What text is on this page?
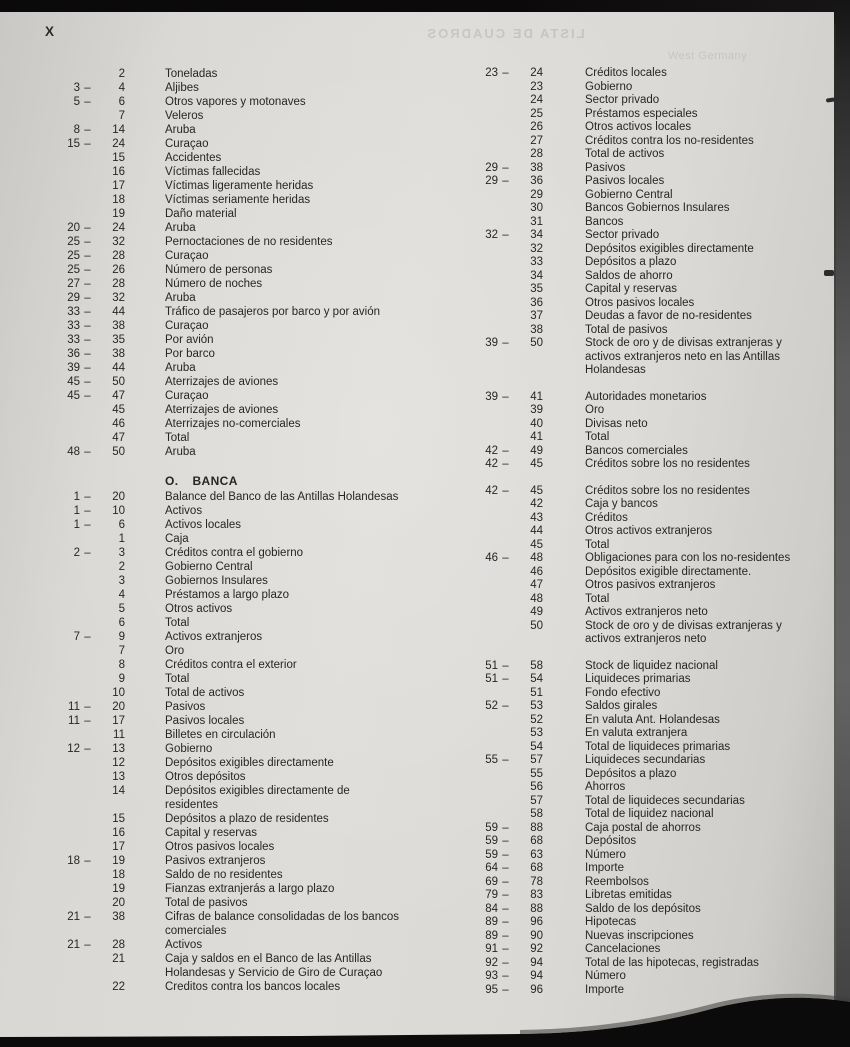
X	LISTA DE CUADROS
West Germany
2	Toneladas
3 –	4	Aljibes
5 –	6	Otros vapores y motonaves
7	Veleros
8 –	14	Aruba
15 –	24	Curaçao
15	Accidentes
16	Víctimas fallecidas
17	Víctimas ligeramente heridas
18	Víctimas seriamente heridas
19	Daño material
20 –	24	Aruba
25 –	32	Pernoctaciones de no residentes
25 –	28	Curaçao
25 –	26	Número de personas
27 –	28	Número de noches
29 –	32	Aruba
33 –	44	Tráfico de pasajeros por barco y por avión
33 –	38	Curaçao
33 –	35	Por avión
36 –	38	Por barco
39 –	44	Aruba
45 –	50	Aterrizajes de aviones
45 –	47	Curaçao
45	Aterrizajes de aviones
46	Aterrizajes no-comerciales
47	Total
48 –	50	Aruba
O. BANCA
1 –	20	Balance del Banco de las Antillas Holandesas
1 –	10	Activos
1 –	6	Activos locales
1	Caja
2 –	3	Créditos contra el gobierno
2	Gobierno Central
3	Gobiernos Insulares
4	Préstamos a largo plazo
5	Otros activos
6	Total
7 –	9	Activos extranjeros
7	Oro
8	Créditos contra el exterior
9	Total
10	Total de activos
11 –	20	Pasivos
11 –	17	Pasivos locales
11	Billetes en circulación
12 –	13	Gobierno
12	Depósitos exigibles directamente
13	Otros depósitos
14	Depósitos exigibles directamente de residentes
15	Depósitos a plazo de residentes
16	Capital y reservas
17	Otros pasivos locales
18 –	19	Pasivos extranjeros
18	Saldo de no residentes
19	Fianzas extranjerás a largo plazo
20	Total de pasivos
21 –	38	Cifras de balance consolidadas de los bancos comerciales
21 –	28	Activos
21	Caja y saldos en el Banco de las Antillas Holandesas y Servicio de Giro de Curaçao
22	Creditos contra los bancos locales
23 –	24	Créditos locales
23	Gobierno
24	Sector privado
25	Préstamos especiales
26	Otros activos locales
27	Créditos contra los no-residentes
28	Total de activos
29 –	38	Pasivos
29 –	36	Pasivos locales
29	Gobierno Central
30	Bancos Gobiernos Insulares
31	Bancos
32 –	34	Sector privado
32	Depósitos exigibles directamente
33	Depósitos a plazo
34	Saldos de ahorro
35	Capital y reservas
36	Otros pasivos locales
37	Deudas a favor de no-residentes
38	Total de pasivos
39 –	50	Stock de oro y de divisas extranjeras y activos extranjeros neto en las Antillas Holandesas
39 –	41	Autoridades monetarios
39	Oro
40	Divisas neto
41	Total
42 –	49	Bancos comerciales
42 –	45	Créditos sobre los no residentes
42 –	45	Créditos sobre los no residentes
42	Caja y bancos
43	Créditos
44	Otros activos extranjeros
45	Total
46 –	48	Obligaciones para con los no-residentes
46	Depósitos exigible directamente.
47	Otros pasivos extranjeros
48	Total
49	Activos extranjeros neto
50	Stock de oro y de divisas extranjeras y activos extranjeros neto
51 –	58	Stock de liquidez nacional
51 –	54	Liquideces primarias
51	Fondo efectivo
52 –	53	Saldos girales
52	En valuta Ant. Holandesas
53	En valuta extranjera
54	Total de liquideces primarias
55 –	57	Liquideces secundarias
55	Depósitos a plazo
56	Ahorros
57	Total de liquideces secundarias
58	Total de liquidez nacional
59 –	88	Caja postal de ahorros
59 –	68	Depósitos
59 –	63	Número
64 –	68	Importe
69 –	78	Reembolsos
79 –	83	Libretas emitidas
84 –	88	Saldo de los depósitos
89 –	96	Hipotecas
89 –	90	Nuevas inscripciones
91 –	92	Cancelaciones
92 –	94	Total de las hipotecas, registradas
93 –	94	Número
95 –	96	Importe
